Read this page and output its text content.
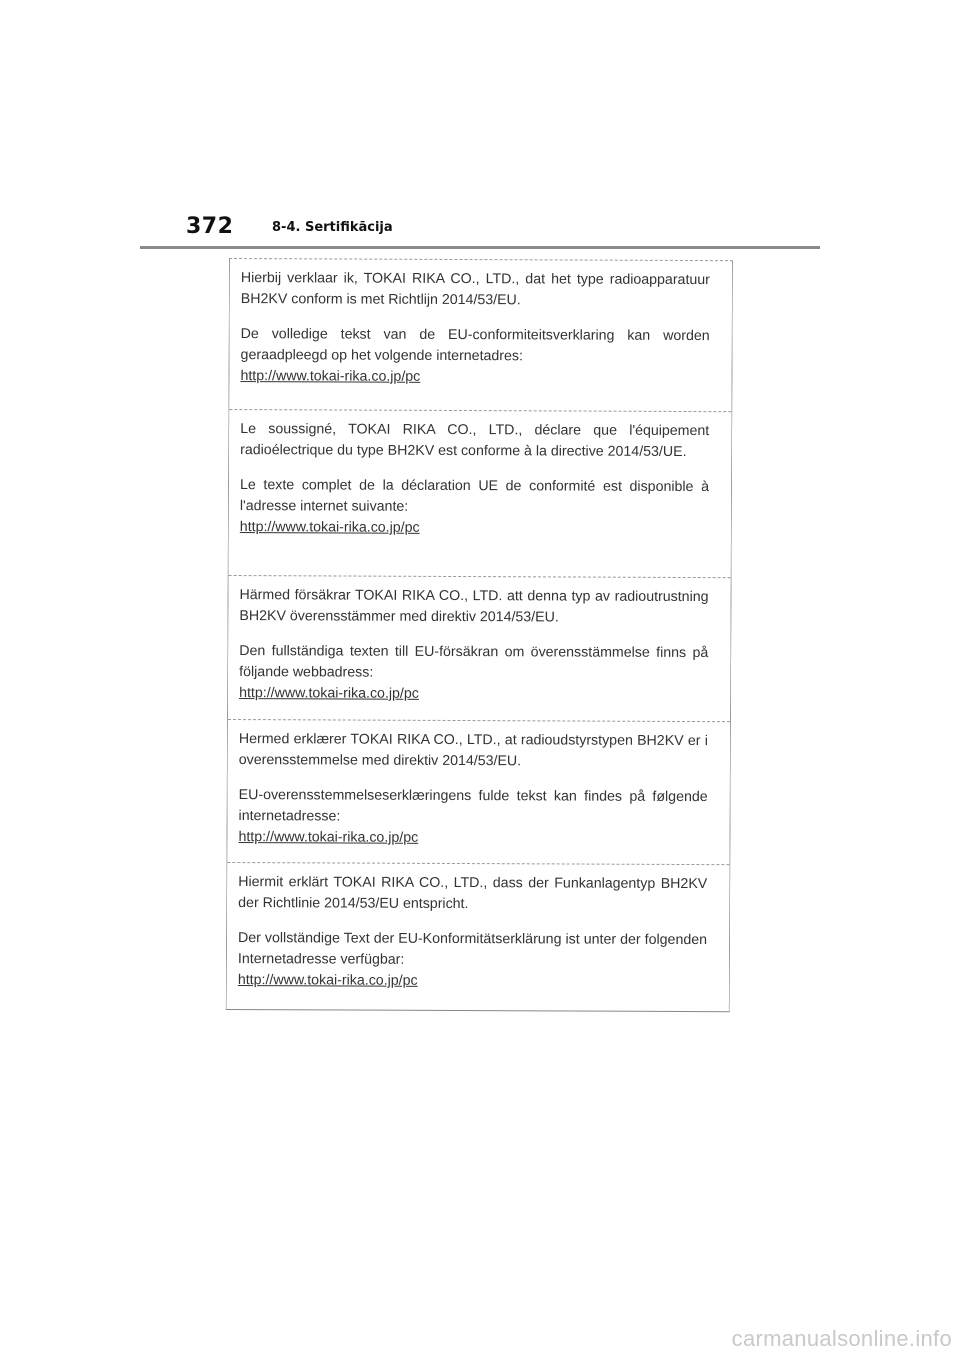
372	8-4. Sertifikācija

Hierbij verklaar ik, TOKAI RIKA CO., LTD., dat het type radioapparatuur BH2KV conform is met Richtlijn 2014/53/EU.

De volledige tekst van de EU-conformiteitsverklaring kan worden geraadpleegd op het volgende internetadres:

http://www.tokai-rika.co.jp/pc

Le soussigné, TOKAI RIKA CO., LTD., déclare que l'équipement radioélectrique du type BH2KV est conforme à la directive 2014/53/UE.

Le texte complet de la déclaration UE de conformité est disponible à l'adresse internet suivante:

http://www.tokai-rika.co.jp/pc

Härmed försäkrar TOKAI RIKA CO., LTD. att denna typ av radioutrustning BH2KV överensstämmer med direktiv 2014/53/EU.

Den fullständiga texten till EU-försäkran om överensstämmelse finns på följande webbadress:

http://www.tokai-rika.co.jp/pc

Hermed erklærer TOKAI RIKA CO., LTD., at radioudstyrstypen BH2KV er i overensstemmelse med direktiv 2014/53/EU.

EU-overensstemmelseserklæringens fulde tekst kan findes på følgende internetadresse:

http://www.tokai-rika.co.jp/pc

Hiermit erklärt TOKAI RIKA CO., LTD., dass der Funkanlagentyp BH2KV der Richtlinie 2014/53/EU entspricht.

Der vollständige Text der EU-Konformitätserklärung ist unter der folgenden Internetadresse verfügbar:

http://www.tokai-rika.co.jp/pc
carmanualsonline.info
